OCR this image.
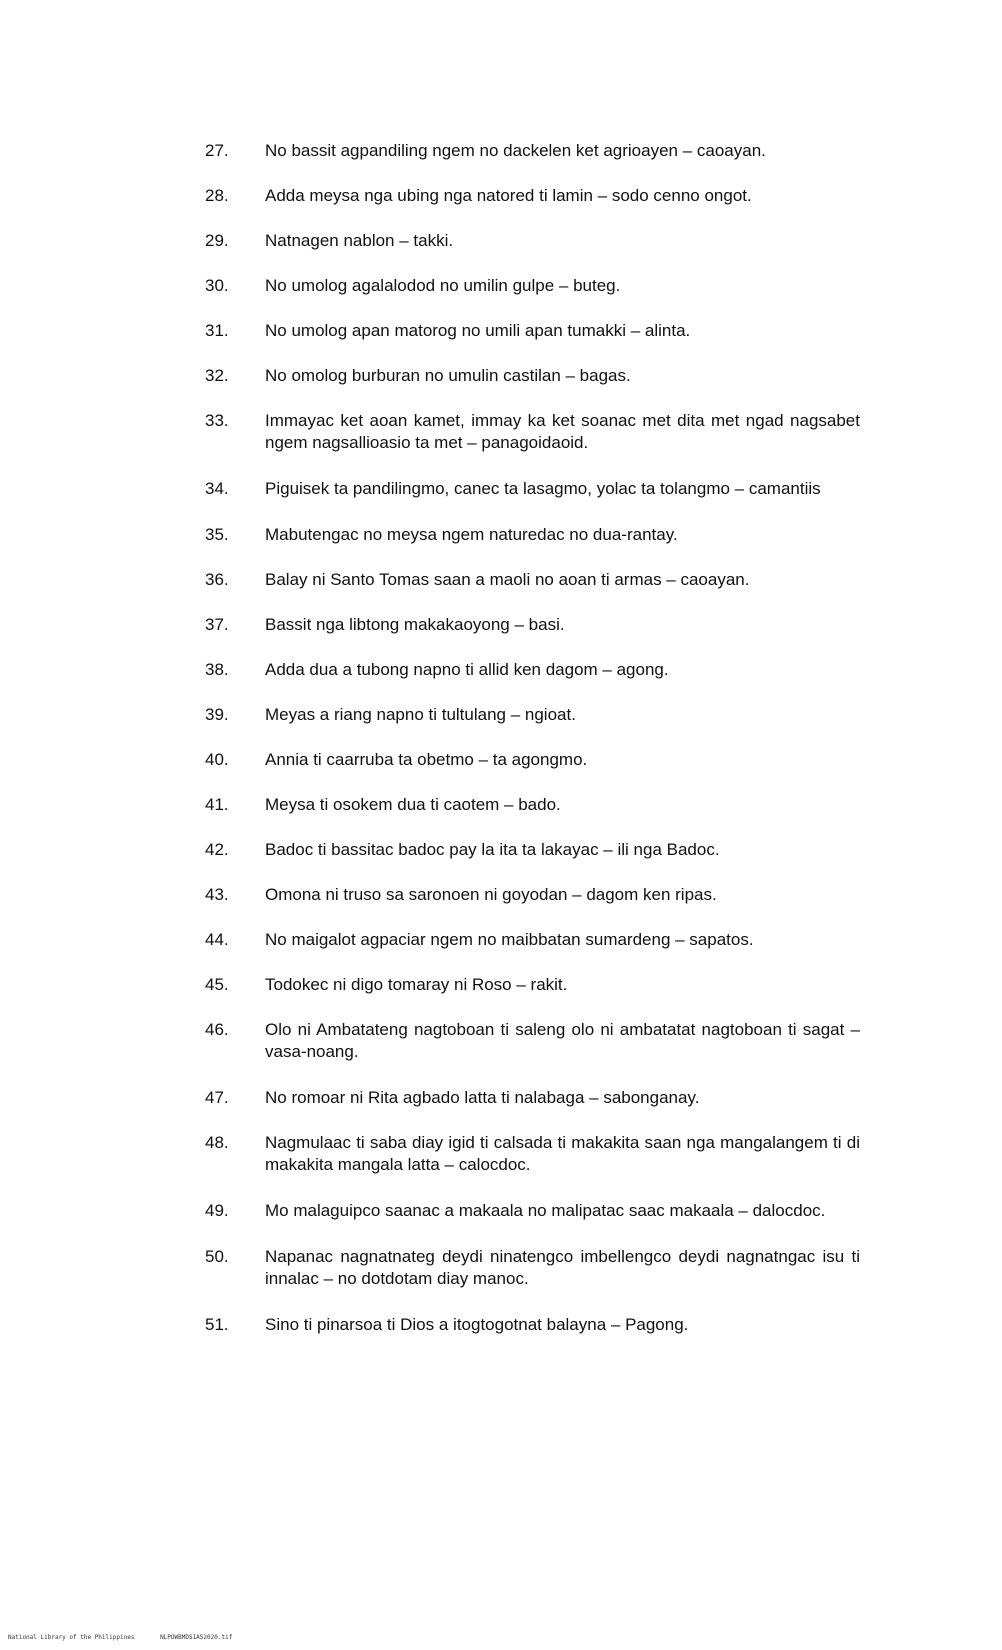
27.	No bassit agpandiling ngem no dackelen ket agrioayen – caoayan.
28.	Adda meysa nga ubing nga natored ti lamin – sodo cenno ongot.
29.	Natnagen nablon – takki.
30.	No umolog agalalodod no umilin gulpe – buteg.
31.	No umolog apan matorog no umili apan tumakki – alinta.
32.	No omolog burburan no umulin castilan – bagas.
33.	Immayac ket aoan kamet, immay ka ket soanac met dita met ngad nagsabet ngem nagsallioasio ta met – panagoidaoid.
34.	Piguisek ta pandilingmo, canec ta lasagmo, yolac ta tolangmo – camantiis
35.	Mabutengac no meysa ngem naturedac no dua-rantay.
36.	Balay ni Santo Tomas saan a maoli no aoan ti armas – caoayan.
37.	Bassit nga libtong makakaoyong – basi.
38.	Adda dua a tubong napno ti allid ken dagom – agong.
39.	Meyas a riang napno ti tultulang – ngioat.
40.	Annia ti caarruba ta obetmo – ta agongmo.
41.	Meysa ti osokem dua ti caotem – bado.
42.	Badoc ti bassitac badoc pay la ita ta lakayac – ili nga Badoc.
43.	Omona ni truso sa saronoen ni goyodan – dagom ken ripas.
44.	No maigalot agpaciar ngem no maibbatan sumardeng – sapatos.
45.	Todokec ni digo tomaray ni Roso – rakit.
46.	Olo ni Ambatateng nagtoboan ti saleng olo ni ambatatat nagtoboan ti sagat – vasa-noang.
47.	No romoar ni Rita agbado latta ti nalabaga – sabonganay.
48.	Nagmulaac ti saba diay igid ti calsada ti makakita saan nga mangalangem ti di makakita mangala latta – calocdoc.
49.	Mo malaguipco saanac a makaala no malipatac saac makaala – dalocdoc.
50.	Napanac nagnatnateg deydi ninatengco imbellengco deydi nagnatngac isu ti innalac – no dotdotam diay manoc.
51.	Sino ti pinarsoa ti Dios a itogtogotnat balayna – Pagong.
National Library of the Philippines	NLPOWBMDS1A52020.tif
